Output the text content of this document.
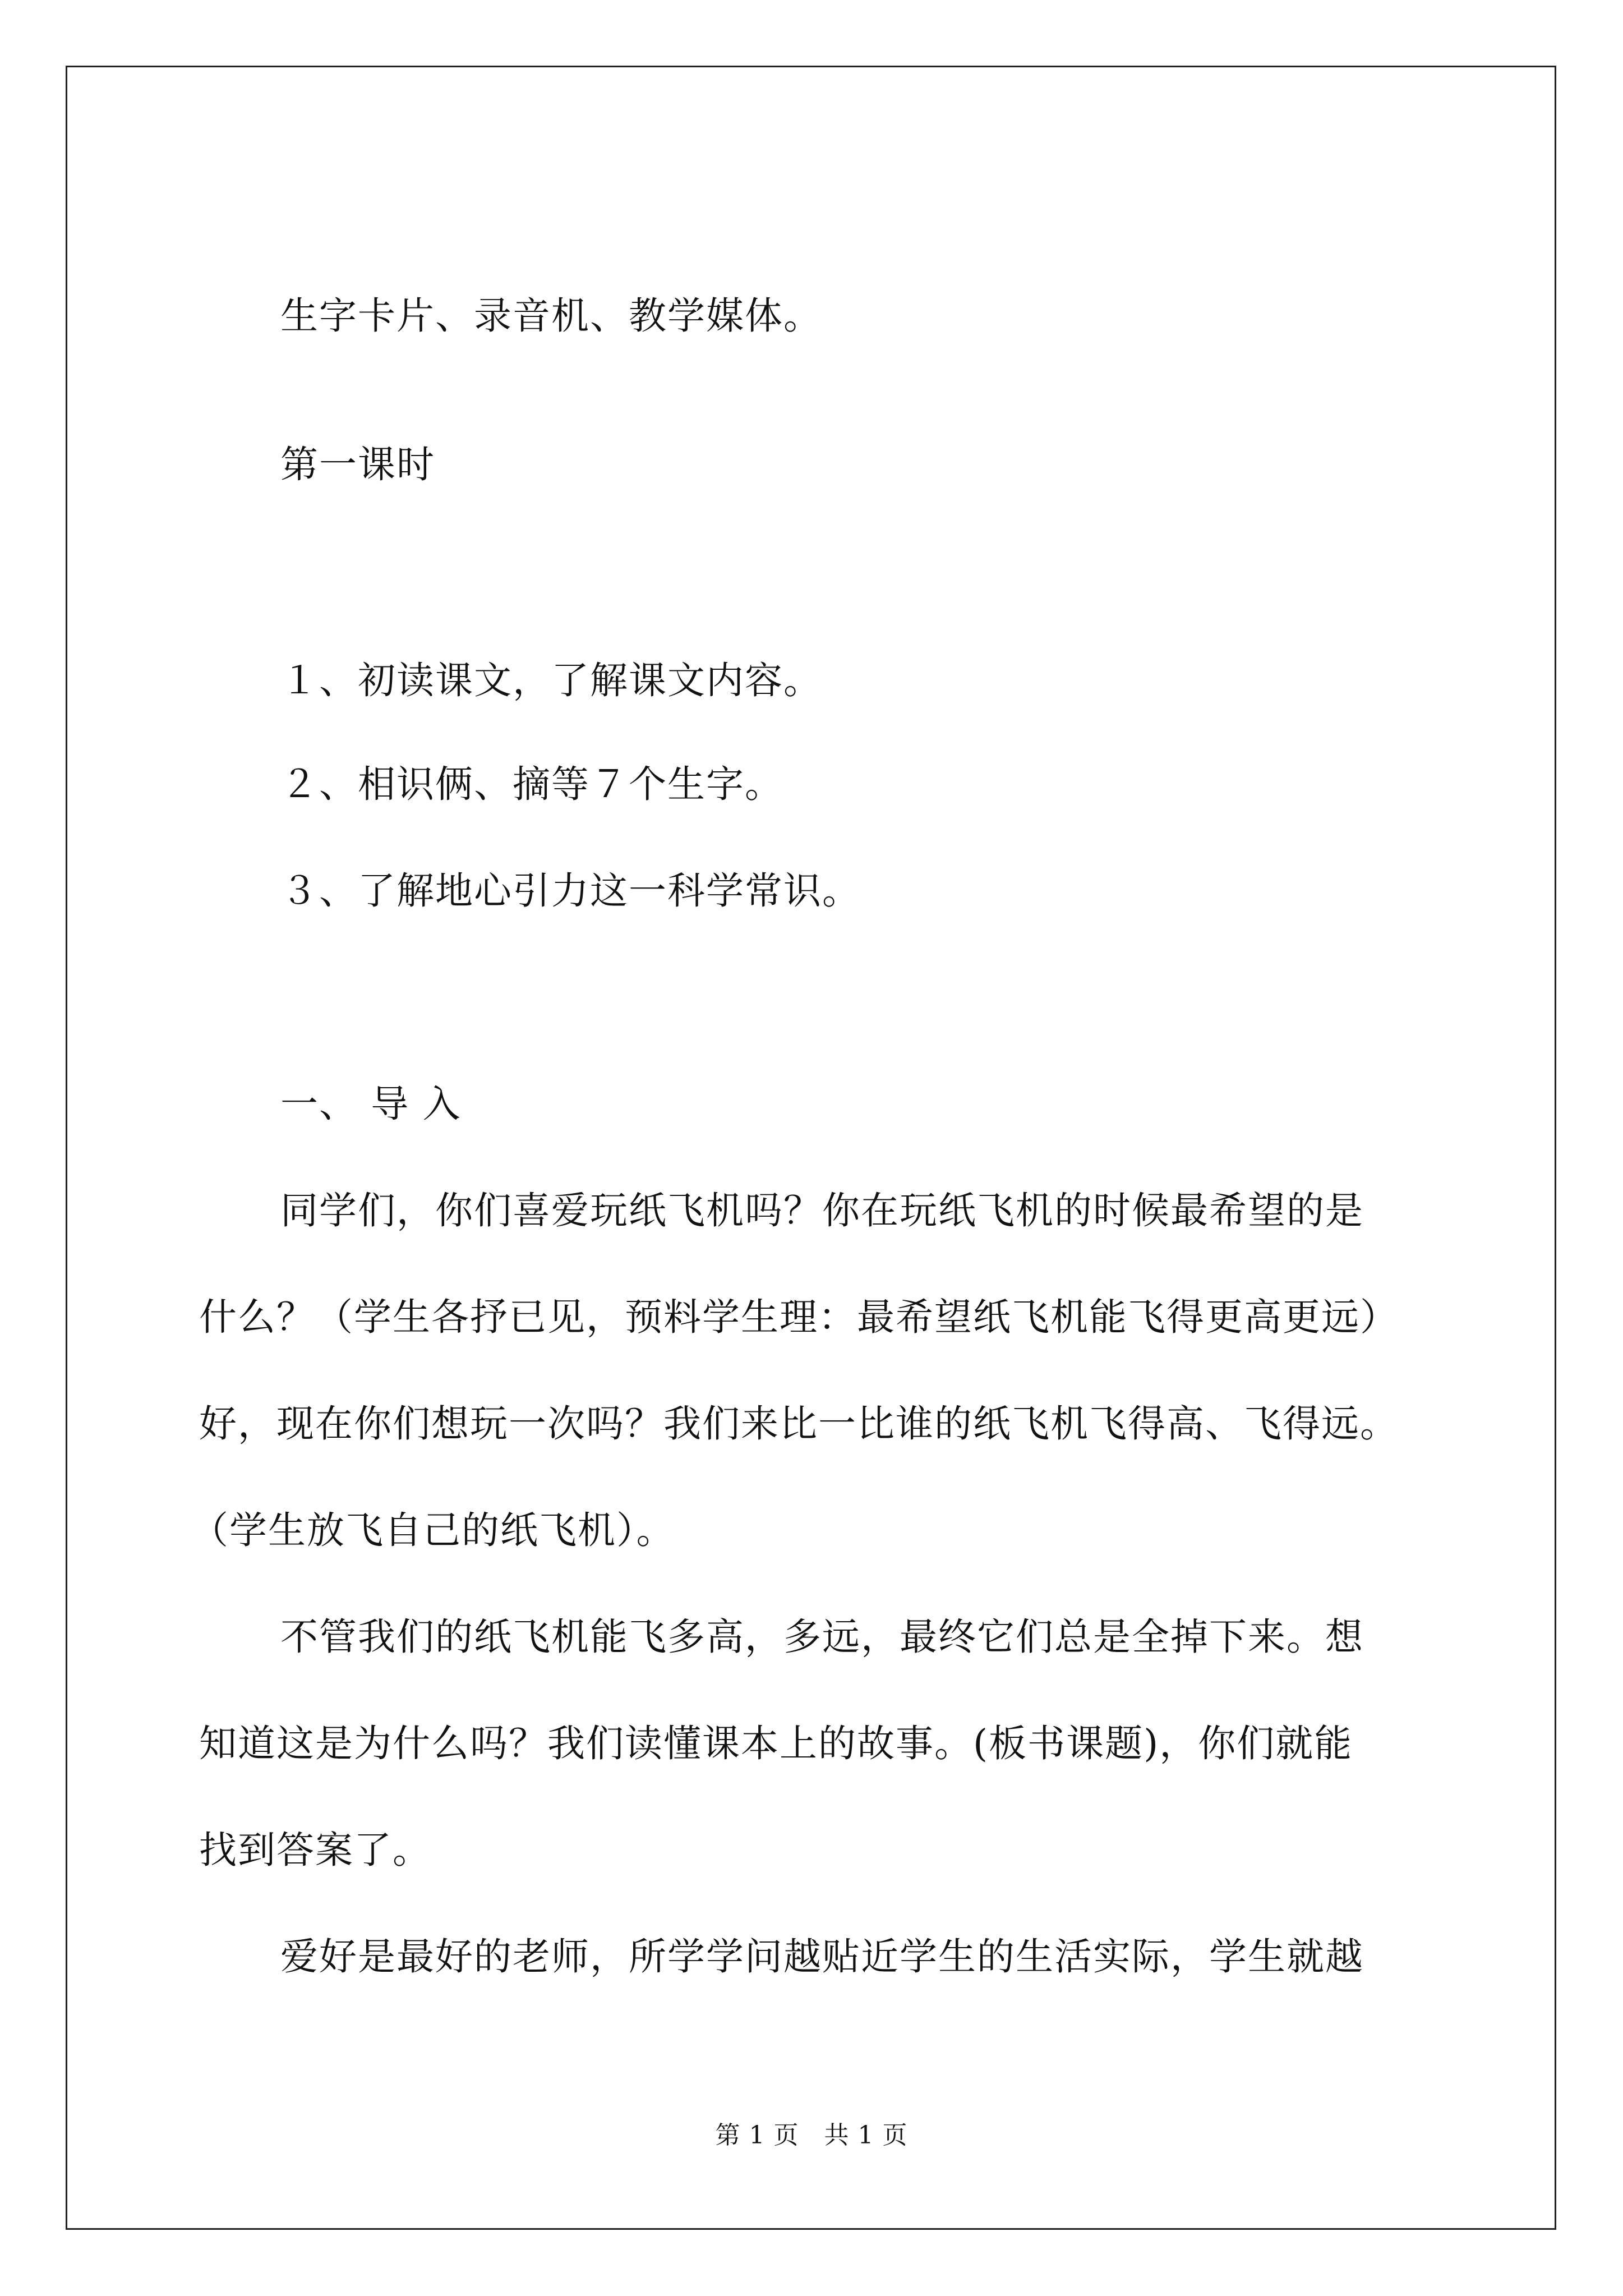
生字卡片、录音机、教学媒体。
第一课时
１、初读课文，了解课文内容。
２、相识俩、摘等７个生字。
３、了解地心引力这一科学常识。
一、 导 入
同学们，你们喜爱玩纸飞机吗？你在玩纸飞机的时候最希望的是
什么？（学生各抒已见，预料学生理：最希望纸飞机能飞得更高更远）
好，现在你们想玩一次吗？我们来比一比谁的纸飞机飞得高、飞得远。
（学生放飞自己的纸飞机）。
不管我们的纸飞机能飞多高，多远，最终它们总是全掉下来。想
知道这是为什么吗？我们读懂课本上的故事。(板书课题)，你们就能
找到答案了。
爱好是最好的老师，所学学问越贴近学生的生活实际，学生就越
第 1 页   共 1 页
